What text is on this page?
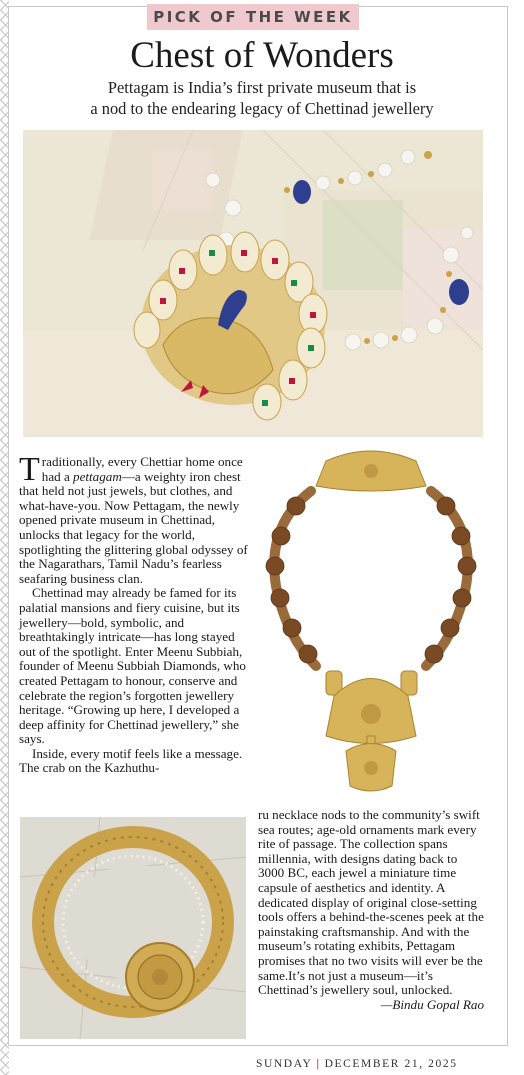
PICK OF THE WEEK
Chest of Wonders
Pettagam is India’s first private museum that is
a nod to the endearing legacy of Chettinad jewellery

Traditionally, every Chettiar home once had a pettagam—a weighty iron chest that held not just jewels, but clothes, and what-have-you. Now Pettagam, the newly opened private museum in Chettinad, unlocks that legacy for the world, spotlighting the glittering global odyssey of the Nagarathars, Tamil Nadu’s fearless seafaring business clan.

Chettinad may already be famed for its palatial mansions and fiery cuisine, but its jewellery—bold, symbolic, and breathtakingly intricate—has long stayed out of the spotlight. Enter Meenu Subbiah, founder of Meenu Subbiah Diamonds, who created Pettagam to honour, conserve and celebrate the region’s forgotten jewellery heritage. “Growing up here, I developed a deep affinity for Chettinad jewellery,” she says.

Inside, every motif feels like a message. The crab on the Kazhuthu-

ru necklace nods to the community’s swift sea routes; age-old ornaments mark every rite of passage. The collection spans millennia, with designs dating back to 3000 BC, each jewel a miniature time capsule of aesthetics and identity. A dedicated display of original close-setting tools offers a behind-the-scenes peek at the painstaking craftsmanship. And with the museum’s rotating exhibits, Pettagam promises that no two visits will ever be the same.It’s not just a museum—it’s Chettinad’s jewellery soul, unlocked.

—Bindu Gopal Rao

SUNDAY | DECEMBER 21, 2025
